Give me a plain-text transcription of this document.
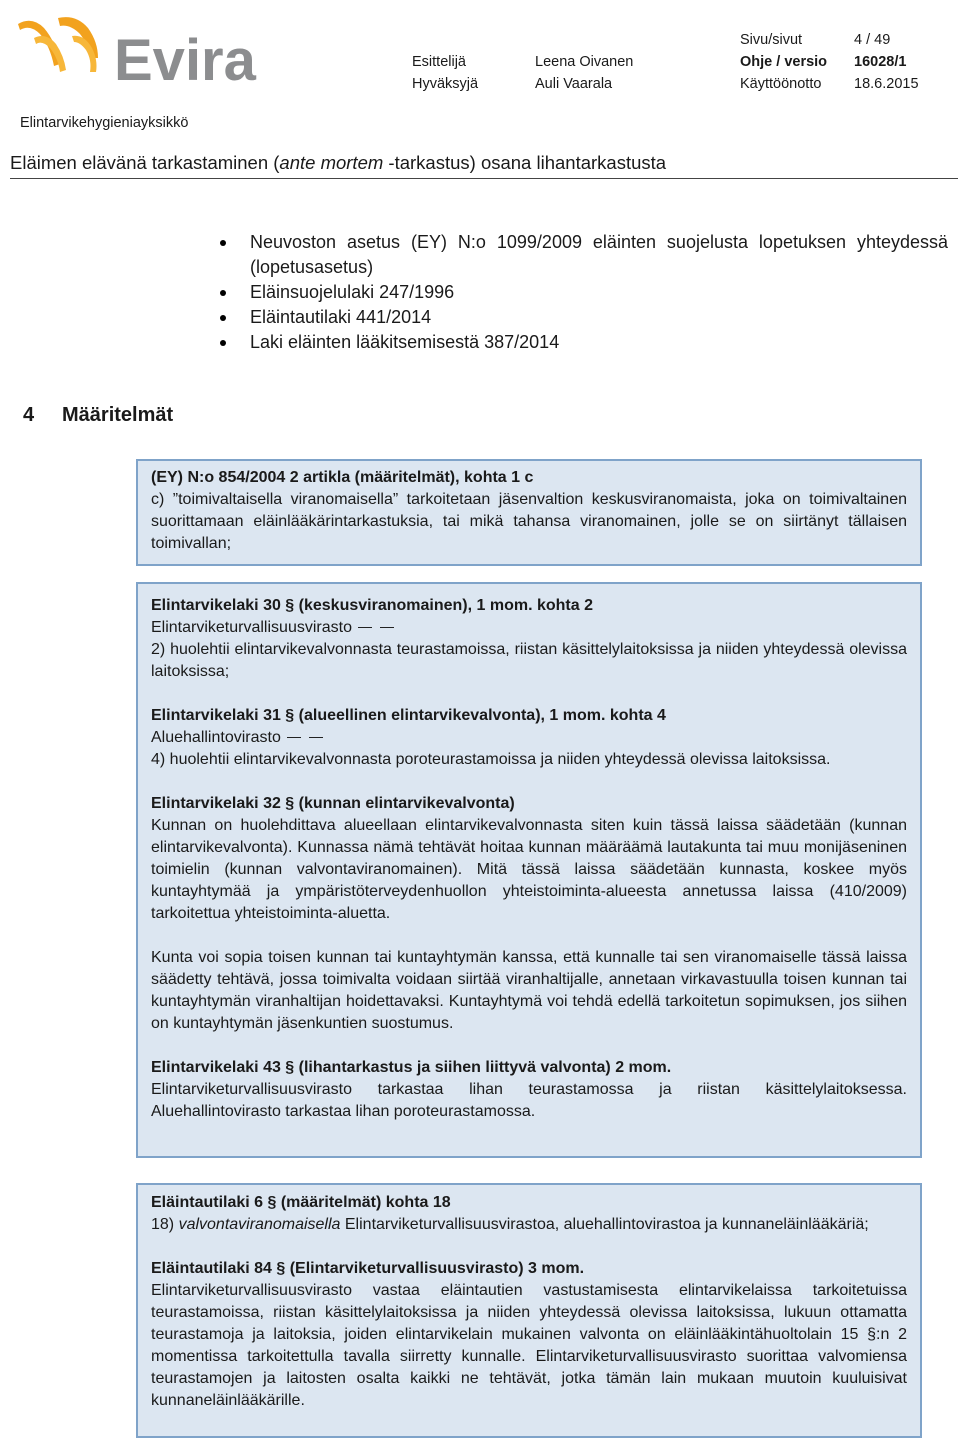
Evira	Sivu/sivut	4 / 49
Esittelijä	Leena Oivanen	Ohje / versio 16028/1
Hyväksyjä	Auli Vaarala	Käyttöönotto 18.6.2015
Elintarvikehygieniayksikkö
Eläimen elävänä tarkastaminen (ante mortem -tarkastus) osana lihantarkastusta
Neuvoston asetus (EY) N:o 1099/2009 eläinten suojelusta lopetuksen yhteydessä (lopetusasetus)
Eläinsuojelulaki 247/1996
Eläintautilaki 441/2014
Laki eläinten lääkitsemisestä 387/2014
4 Määritelmät

(EY) N:o 854/2004 2 artikla (määritelmät), kohta 1 c

c) ”toimivaltaisella viranomaisella” tarkoitetaan jäsenvaltion keskusviranomaista, joka on toimivaltainen suorittamaan eläinlääkärintarkastuksia, tai mikä tahansa viranomainen, jolle se on siirtänyt tällaisen toimivallan;

Elintarvikelaki 30 § (keskusviranomainen), 1 mom. kohta 2

Elintarviketurvallisuusvirasto

2) huolehtii elintarvikevalvonnasta teurastamoissa, riistan käsittelylaitoksissa ja niiden yhteydessä olevissa laitoksissa;

Elintarvikelaki 31 § (alueellinen elintarvikevalvonta), 1 mom. kohta 4

Aluehallintovirasto

4) huolehtii elintarvikevalvonnasta poroteurastamoissa ja niiden yhteydessä olevissa laitoksissa.

Elintarvikelaki 32 § (kunnan elintarvikevalvonta)

Kunnan on huolehdittava alueellaan elintarvikevalvonnasta siten kuin tässä laissa säädetään (kunnan elintarvikevalvonta). Kunnassa nämä tehtävät hoitaa kunnan määräämä lautakunta tai muu monijäseninen toimielin (kunnan valvontaviranomainen). Mitä tässä laissa säädetään kunnasta, koskee myös kuntayhtymää ja ympäristöterveydenhuollon yhteistoiminta-alueesta annetussa laissa (410/2009) tarkoitettua yhteistoiminta-aluetta.

Kunta voi sopia toisen kunnan tai kuntayhtymän kanssa, että kunnalle tai sen viranomaiselle tässä laissa säädetty tehtävä, jossa toimivalta voidaan siirtää viranhaltijalle, annetaan virkavastuulla toisen kunnan tai kuntayhtymän viranhaltijan hoidettavaksi. Kuntayhtymä voi tehdä edellä tarkoitetun sopimuksen, jos siihen on kuntayhtymän jäsenkuntien suostumus.

Elintarvikelaki 43 § (lihantarkastus ja siihen liittyvä valvonta) 2 mom.

Elintarviketurvallisuusvirasto tarkastaa lihan teurastamossa ja riistan käsittelylaitoksessa. Aluehallintovirasto tarkastaa lihan poroteurastamossa.

Eläintautilaki 6 § (määritelmät) kohta 18

18) valvontaviranomaisella Elintarviketurvallisuusvirastoa, aluehallintovirastoa ja kunnaneläinlääkäriä;

Eläintautilaki 84 § (Elintarviketurvallisuusvirasto) 3 mom.

Elintarviketurvallisuusvirasto vastaa eläintautien vastustamisesta elintarvikelaissa tarkoitetuissa teurastamoissa, riistan käsittelylaitoksissa ja niiden yhteydessä olevissa laitoksissa, lukuun ottamatta teurastamoja ja laitoksia, joiden elintarvikelain mukainen valvonta on eläinlääkintähuoltolain 15 §:n 2 momentissa tarkoitettulla tavalla siirretty kunnalle. Elintarviketurvallisuusvirasto suorittaa valvomiensa teurastamojen ja laitosten osalta kaikki ne tehtävät, jotka tämän lain mukaan muutoin kuuluisivat kunnaneläinlääkärille.
